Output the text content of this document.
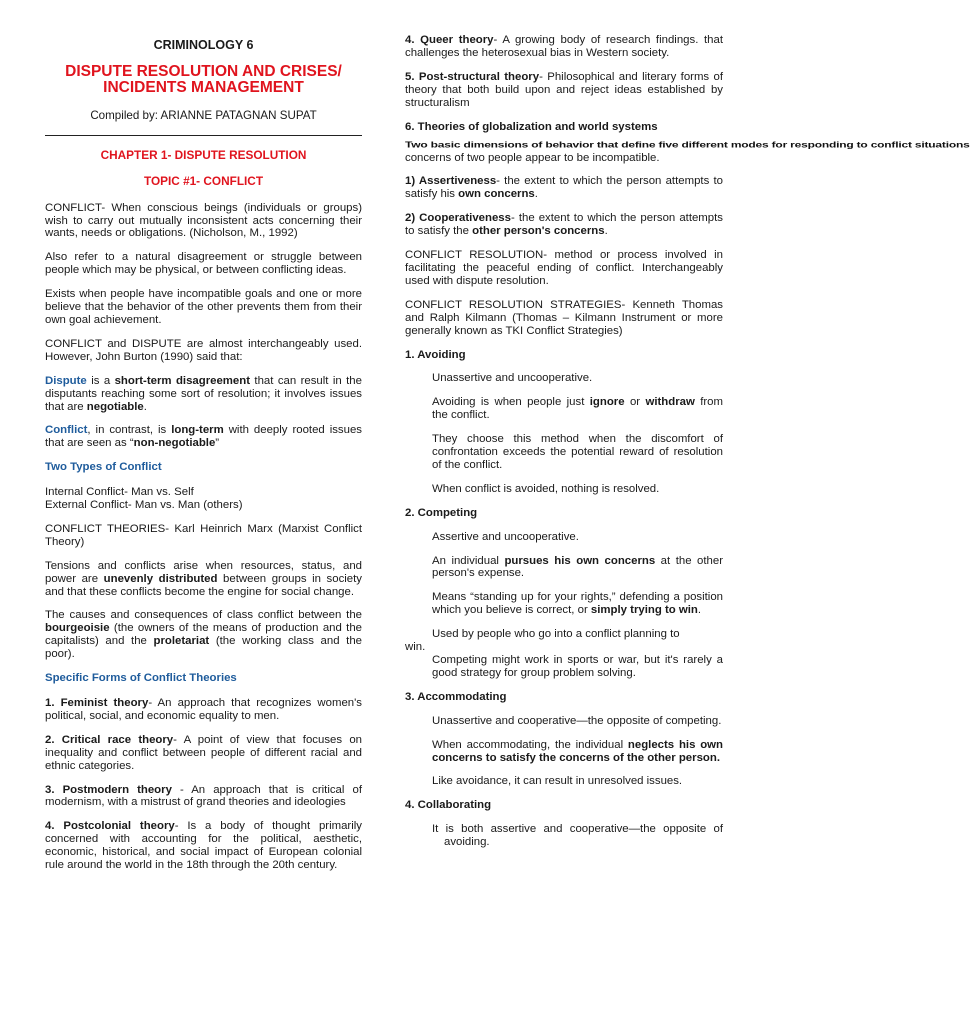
CRIMINOLOGY 6

DISPUTE RESOLUTION AND CRISES/
INCIDENTS MANAGEMENT

Compiled by: ARIANNE PATAGNAN SUPAT

CHAPTER 1- DISPUTE RESOLUTION

TOPIC #1- CONFLICT

CONFLICT- When conscious beings (individuals or groups) wish to carry out mutually inconsistent acts concerning their wants, needs or obligations. (Nicholson, M., 1992)

Also refer to a natural disagreement or struggle between people which may be physical, or between conflicting ideas.

Exists when people have incompatible goals and one or more believe that the behavior of the other prevents them from their own goal achievement.

CONFLICT and DISPUTE are almost interchangeably used. However, John Burton (1990) said that:

Dispute is a short-term disagreement that can result in the disputants reaching some sort of resolution; it involves issues that are negotiable.

Conflict, in contrast, is long-term with deeply rooted issues that are seen as “non-negotiable”

Two Types of Conflict

Internal Conflict- Man vs. Self

External Conflict- Man vs. Man (others)

CONFLICT THEORIES- Karl Heinrich Marx (Marxist Conflict Theory)

Tensions and conflicts arise when resources, status, and power are unevenly distributed between groups in society and that these conflicts become the engine for social change.

The causes and consequences of class conflict between the bourgeoisie (the owners of the means of production and the capitalists) and the proletariat (the working class and the poor).

Specific Forms of Conflict Theories

1. Feminist theory- An approach that recognizes women's political, social, and economic equality to men.

2. Critical race theory- A point of view that focuses on inequality and conflict between people of different racial and ethnic categories.

3. Postmodern theory - An approach that is critical of modernism, with a mistrust of grand theories and ideologies

4. Postcolonial theory- Is a body of thought primarily concerned with accounting for the political, aesthetic, economic, historical, and social impact of European colonial rule around the world in the 18th through the 20th century.

4. Queer theory- A growing body of research findings. that challenges the heterosexual bias in Western society.

5. Post-structural theory- Philosophical and literary forms of theory that both build upon and reject ideas established by structuralism

6. Theories of globalization and world systems

Two basic dimensions of behavior that define five different modes for responding to conflict situations
concerns of two people appear to be incompatible.

1) Assertiveness- the extent to which the person attempts to satisfy his own concerns.

2) Cooperativeness- the extent to which the person attempts to satisfy the other person's concerns.

CONFLICT RESOLUTION- method or process involved in facilitating the peaceful ending of conflict. Interchangeably used with dispute resolution.

CONFLICT RESOLUTION STRATEGIES- Kenneth Thomas and Ralph Kilmann (Thomas – Kilmann Instrument or more generally known as TKI Conflict Strategies)

1. Avoiding

Unassertive and uncooperative.

Avoiding is when people just ignore or withdraw from the conflict.

They choose this method when the discomfort of confrontation exceeds the potential reward of resolution of the conflict.

When conflict is avoided, nothing is resolved.

2. Competing

Assertive and uncooperative.

An individual pursues his own concerns at the other person's expense.

Means “standing up for your rights,” defending a position which you believe is correct, or simply trying to win.

Used by people who go into a conflict planning to
win.

Competing might work in sports or war, but it's rarely a good strategy for group problem solving.

3. Accommodating

Unassertive and cooperative—the opposite of competing.

When accommodating, the individual neglects his own concerns to satisfy the concerns of the other person.

Like avoidance, it can result in unresolved issues.

4. Collaborating

It is both assertive and cooperative—the opposite of avoiding.
